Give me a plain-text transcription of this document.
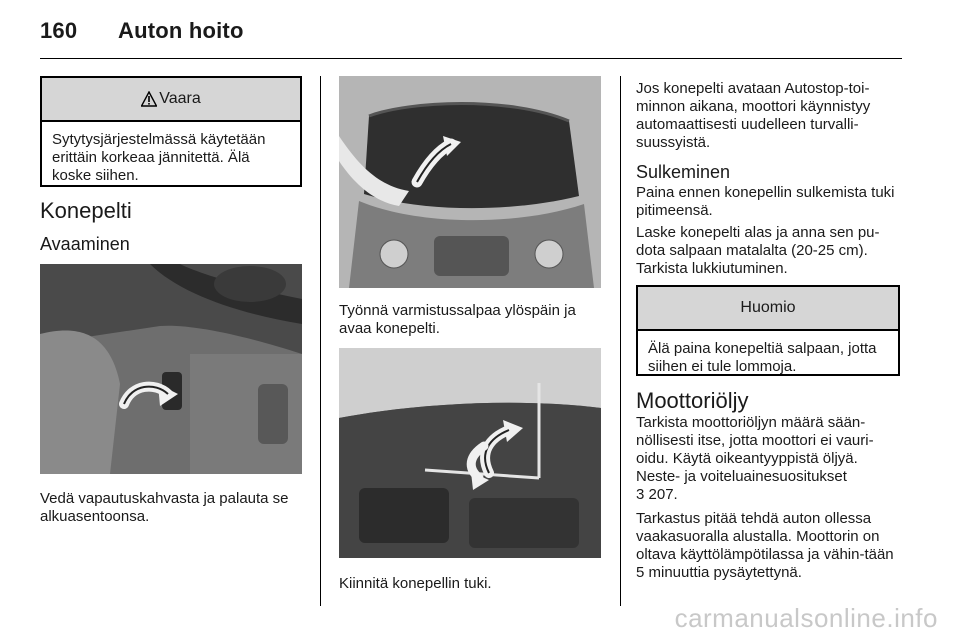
160 Auton hoito
Vaara
Sytytysjärjestelmässä käytetään erittäin korkeaa jännitettä. Älä koske siihen.
Konepelti
Avaaminen
Vedä vapautuskahvasta ja palauta se alkuasentoonsa.
Työnnä varmistussalpaa ylöspäin ja avaa konepelti.
Kiinnitä konepellin tuki.
Jos konepelti avataan Autostop-toi-minnon aikana, moottori käynnistyy automaattisesti uudelleen turvalli-suussyistä.
Sulkeminen
Paina ennen konepellin sulkemista tuki pitimeensä.
Laske konepelti alas ja anna sen pu-dota salpaan matalalta (20-25 cm). Tarkista lukkiutuminen.
Huomio
Älä paina konepeltiä salpaan, jotta siihen ei tule lommoja.
Moottoriöljy
Tarkista moottoriöljyn määrä sään-nöllisesti itse, jotta moottori ei vauri-oidu. Käytä oikeantyyppistä öljyä. Neste- ja voiteluainesuositukset
3 207.
Tarkastus pitää tehdä auton ollessa vaakasuoralla alustalla. Moottorin on oltava käyttölämpötilassa ja vähin-tään 5 minuuttia pysäytettynä.
carmanualsonline.info
